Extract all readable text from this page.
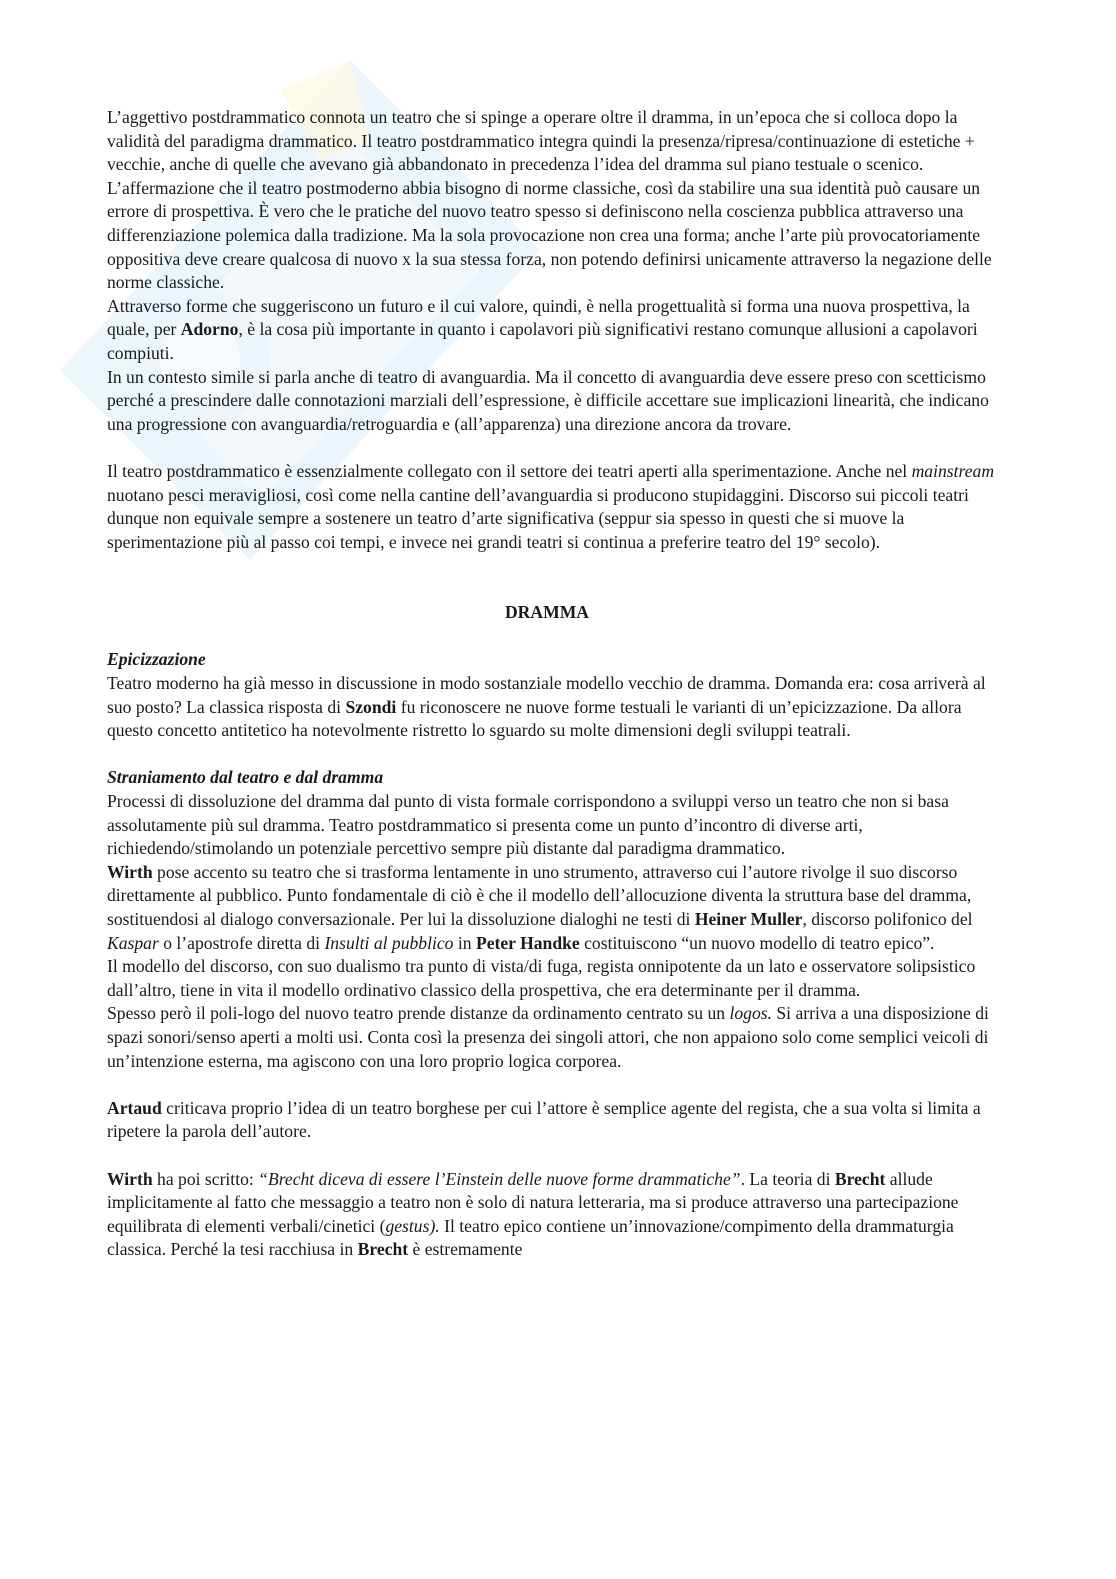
L’aggettivo postdrammatico connota un teatro che si spinge a operare oltre il dramma, in un’epoca che si colloca dopo la validità del paradigma drammatico. Il teatro postdrammatico integra quindi la presenza/ripresa/continuazione di estetiche + vecchie, anche di quelle che avevano già abbandonato in precedenza l’idea del dramma sul piano testuale o scenico.

L’affermazione che il teatro postmoderno abbia bisogno di norme classiche, così da stabilire una sua identità può causare un errore di prospettiva. È vero che le pratiche del nuovo teatro spesso si definiscono nella coscienza pubblica attraverso una differenziazione polemica dalla tradizione. Ma la sola provocazione non crea una forma; anche l’arte più provocatoriamente oppositiva deve creare qualcosa di nuovo x la sua stessa forza, non potendo definirsi unicamente attraverso la negazione delle norme classiche.

Attraverso forme che suggeriscono un futuro e il cui valore, quindi, è nella progettualità si forma una nuova prospettiva, la quale, per Adorno, è la cosa più importante in quanto i capolavori più significativi restano comunque allusioni a capolavori compiuti.

In un contesto simile si parla anche di teatro di avanguardia. Ma il concetto di avanguardia deve essere preso con scetticismo perché a prescindere dalle connotazioni marziali dell’espressione, è difficile accettare sue implicazioni linearità, che indicano una progressione con avanguardia/retroguardia e (all’apparenza) una direzione ancora da trovare.

Il teatro postdrammatico è essenzialmente collegato con il settore dei teatri aperti alla sperimentazione. Anche nel mainstream nuotano pesci meravigliosi, così come nella cantine dell’avanguardia si producono stupidaggini. Discorso sui piccoli teatri dunque non equivale sempre a sostenere un teatro d’arte significativa (seppur sia spesso in questi che si muove la sperimentazione più al passo coi tempi, e invece nei grandi teatri si continua a preferire teatro del 19° secolo).

DRAMMA

Epicizzazione

Teatro moderno ha già messo in discussione in modo sostanziale modello vecchio de dramma. Domanda era: cosa arriverà al suo posto? La classica risposta di Szondi fu riconoscere ne nuove forme testuali le varianti di un’epicizzazione. Da allora questo concetto antitetico ha notevolmente ristretto lo sguardo su molte dimensioni degli sviluppi teatrali.

Straniamento dal teatro e dal dramma

Processi di dissoluzione del dramma dal punto di vista formale corrispondono a sviluppi verso un teatro che non si basa assolutamente più sul dramma. Teatro postdrammatico si presenta come un punto d’incontro di diverse arti, richiedendo/stimolando un potenziale percettivo sempre più distante dal paradigma drammatico.

Wirth pose accento su teatro che si trasforma lentamente in uno strumento, attraverso cui l’autore rivolge il suo discorso direttamente al pubblico. Punto fondamentale di ciò è che il modello dell’allocuzione diventa la struttura base del dramma, sostituendosi al dialogo conversazionale. Per lui la dissoluzione dialoghi ne testi di Heiner Muller, discorso polifonico del Kaspar o l’apostrofe diretta di Insulti al pubblico in Peter Handke costituiscono “un nuovo modello di teatro epico”.

Il modello del discorso, con suo dualismo tra punto di vista/di fuga, regista onnipotente da un lato e osservatore solipsistico dall’altro, tiene in vita il modello ordinativo classico della prospettiva, che era determinante per il dramma.

Spesso però il poli-logo del nuovo teatro prende distanze da ordinamento centrato su un logos. Si arriva a una disposizione di spazi sonori/senso aperti a molti usi. Conta così la presenza dei singoli attori, che non appaiono solo come semplici veicoli di un’intenzione esterna, ma agiscono con una loro proprio logica corporea.

Artaud criticava proprio l’idea di un teatro borghese per cui l’attore è semplice agente del regista, che a sua volta si limita a ripetere la parola dell’autore.

Wirth ha poi scritto: “Brecht diceva di essere l’Einstein delle nuove forme drammatiche”. La teoria di Brecht allude implicitamente al fatto che messaggio a teatro non è solo di natura letteraria, ma si produce attraverso una partecipazione equilibrata di elementi verbali/cinetici (gestus). Il teatro epico contiene un’innovazione/compimento della drammaturgia classica. Perché la tesi racchiusa in Brecht è estremamente
